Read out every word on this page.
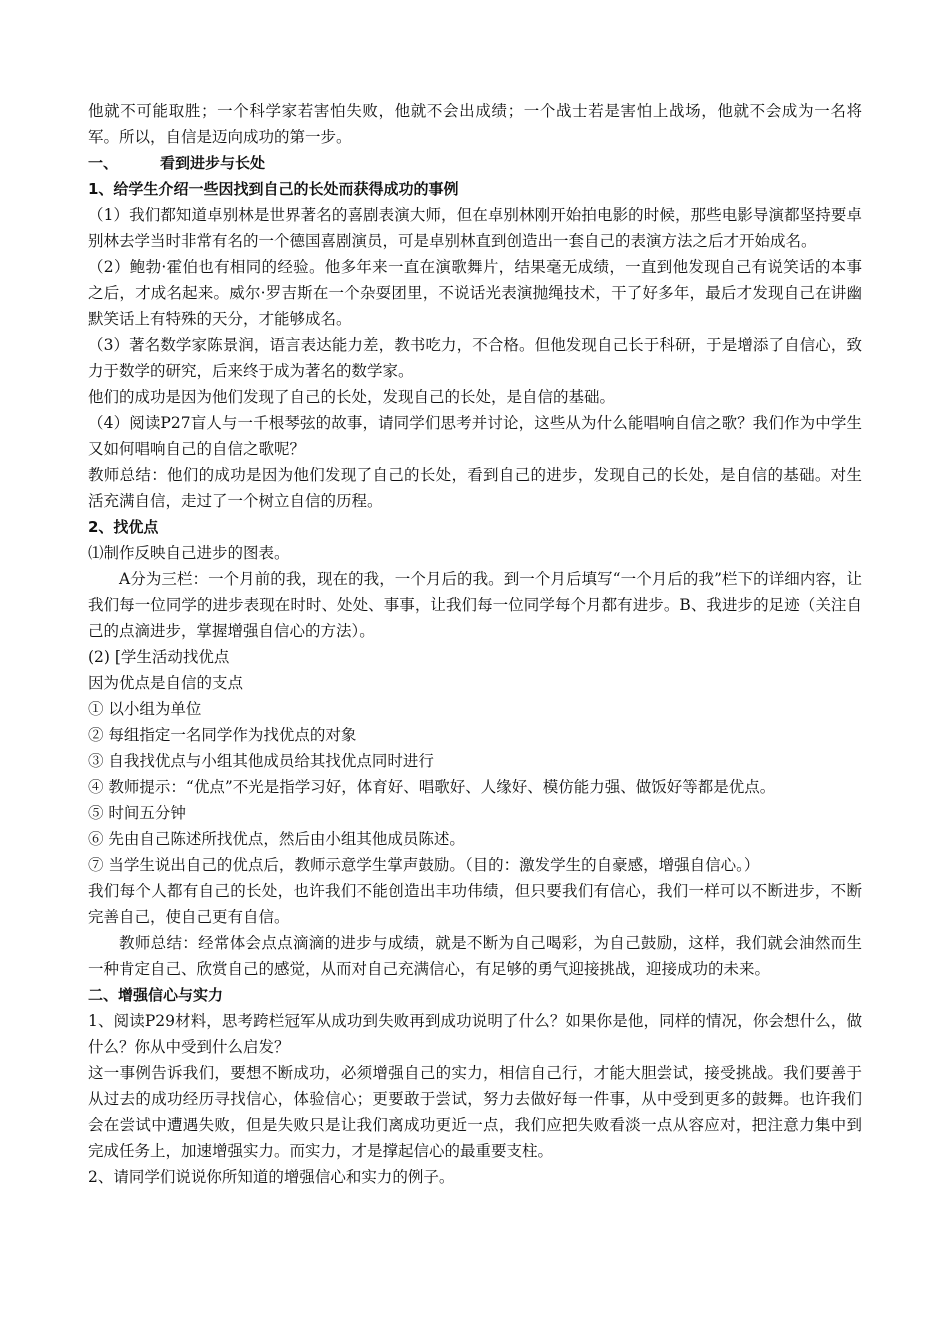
他就不可能取胜；一个科学家若害怕失败，他就不会出成绩；一个战士若是害怕上战场，他就不会成为一名将军。所以，自信是迈向成功的第一步。

一、	看到进步与长处

1、给学生介绍一些因找到自己的长处而获得成功的事例

（1）我们都知道卓别林是世界著名的喜剧表演大师，但在卓别林刚开始拍电影的时候，那些电影导演都坚持要卓别林去学当时非常有名的一个德国喜剧演员，可是卓别林直到创造出一套自己的表演方法之后才开始成名。

（2）鲍勃·霍伯也有相同的经验。他多年来一直在演歌舞片，结果毫无成绩，一直到他发现自己有说笑话的本事之后，才成名起来。威尔·罗吉斯在一个杂耍团里，不说话光表演抛绳技术，干了好多年，最后才发现自己在讲幽默笑话上有特殊的天分，才能够成名。

（3）著名数学家陈景润，语言表达能力差，教书吃力，不合格。但他发现自己长于科研，于是增添了自信心，致力于数学的研究，后来终于成为著名的数学家。

他们的成功是因为他们发现了自己的长处，发现自己的长处，是自信的基础。

（4）阅读P27盲人与一千根琴弦的故事，请同学们思考并讨论，这些从为什么能唱响自信之歌？我们作为中学生又如何唱响自己的自信之歌呢？

教师总结：他们的成功是因为他们发现了自己的长处，看到自己的进步，发现自己的长处，是自信的基础。对生活充满自信，走过了一个树立自信的历程。

2、找优点

⑴制作反映自己进步的图表。

A分为三栏：一个月前的我，现在的我，一个月后的我。到一个月后填写“一个月后的我”栏下的详细内容，让我们每一位同学的进步表现在时时、处处、事事，让我们每一位同学每个月都有进步。B、我进步的足迹（关注自己的点滴进步，掌握增强自信心的方法）。

(2) [学生活动找优点

因为优点是自信的支点

① 以小组为单位

② 每组指定一名同学作为找优点的对象

③ 自我找优点与小组其他成员给其找优点同时进行

④ 教师提示：“优点”不光是指学习好，体育好、唱歌好、人缘好、模仿能力强、做饭好等都是优点。

⑤ 时间五分钟

⑥ 先由自己陈述所找优点，然后由小组其他成员陈述。

⑦ 当学生说出自己的优点后，教师示意学生掌声鼓励。（目的：激发学生的自豪感，增强自信心。）

我们每个人都有自己的长处，也许我们不能创造出丰功伟绩，但只要我们有信心，我们一样可以不断进步，不断完善自己，使自己更有自信。

教师总结：经常体会点点滴滴的进步与成绩，就是不断为自己喝彩，为自己鼓励，这样，我们就会油然而生一种肯定自己、欣赏自己的感觉，从而对自己充满信心，有足够的勇气迎接挑战，迎接成功的未来。

二、增强信心与实力

1、阅读P29材料，思考跨栏冠军从成功到失败再到成功说明了什么？如果你是他，同样的情况，你会想什么，做什么？你从中受到什么启发？

这一事例告诉我们，要想不断成功，必须增强自己的实力，相信自己行，才能大胆尝试，接受挑战。我们要善于从过去的成功经历寻找信心，体验信心；更要敢于尝试，努力去做好每一件事，从中受到更多的鼓舞。也许我们会在尝试中遭遇失败，但是失败只是让我们离成功更近一点，我们应把失败看淡一点从容应对，把注意力集中到完成任务上，加速增强实力。而实力，才是撑起信心的最重要支柱。

2、请同学们说说你所知道的增强信心和实力的例子。
